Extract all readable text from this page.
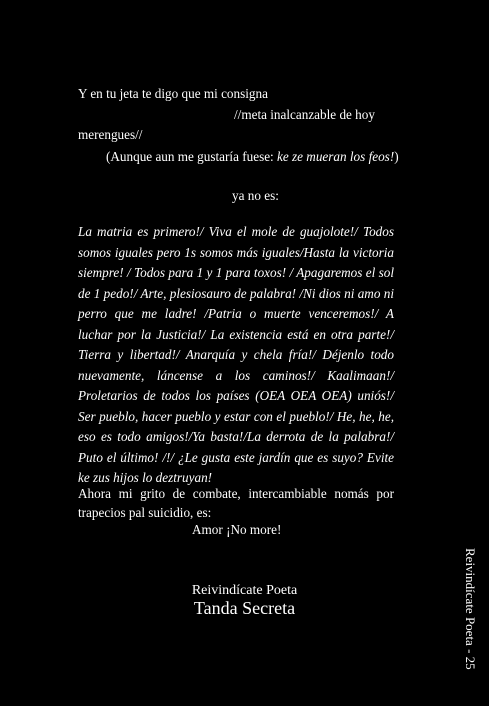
Y en tu jeta te digo que mi consigna
//meta inalcanzable de hoy
merengues//
(Aunque aun me gustaría fuese: ke ze mueran los feos!)
ya no es:
La matria es primero!/ Viva el mole de guajolote!/ Todos somos iguales pero 1s somos más iguales/Hasta la victoria siempre! / Todos para 1 y 1 para toxos! / Apagaremos el sol de 1 pedo!/ Arte, plesiosauro de palabra! /Ni dios ni amo ni perro que me ladre! /Patria o muerte venceremos!/ A luchar por la Justicia!/ La existencia está en otra parte!/ Tierra y libertad!/ Anarquía y chela fría!/ Déjenlo todo nuevamente, láncense a los caminos!/ Kaalimaan!/ Proletarios de todos los países (OEA OEA OEA) uniós!/ Ser pueblo, hacer pueblo y estar con el pueblo!/ He, he, he, eso es todo amigos!/Ya basta!/La derrota de la palabra!/ Puto el último! /!/ ¿Le gusta este jardín que es suyo? Evite ke zus hijos lo deztruyan!
Ahora mi grito de combate, intercambiable nomás por trapecios pal suicidio, es:
Amor ¡No more!
Reivindícate Poeta
Tanda Secreta	Reivindícate Poeta - 25
